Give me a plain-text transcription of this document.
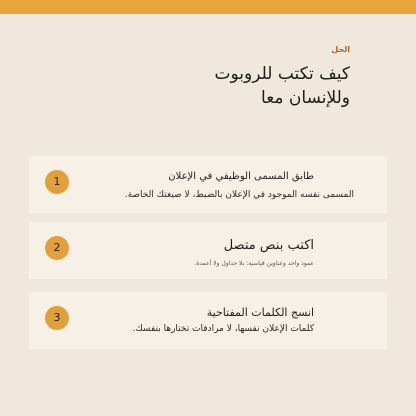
الحل
كيف تكتب للروبوت
وللإنسان معا
1	طابق المسمى الوظيفي في الإعلان
المسمى نفسه الموجود في الإعلان بالضبط، لا صيغتك الخاصة.
2	اكتب بنص متصل
عمود واحد وعناوين قياسية: بلا جداول ولا أعمدة.
3	انسج الكلمات المفتاحية
كلمات الإعلان نفسها، لا مرادفات تختارها بنفسك.
